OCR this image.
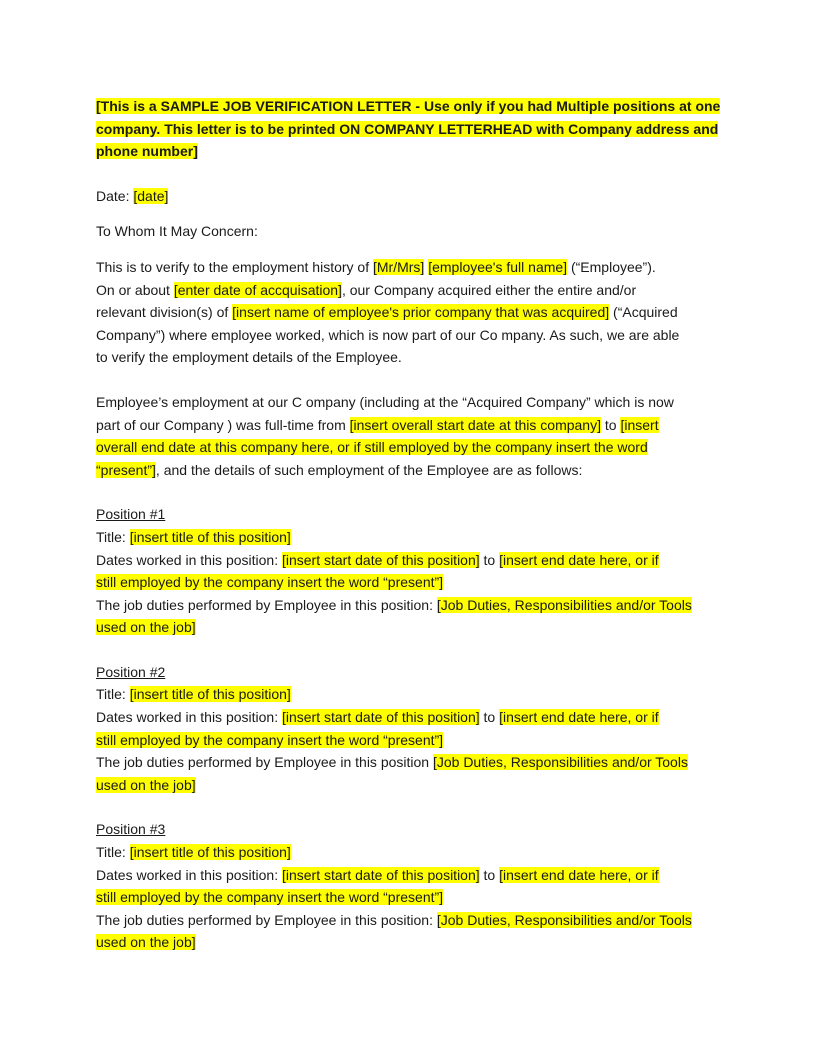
[This is a SAMPLE JOB VERIFICATION LETTER - Use only if you had Multiple positions at one
company. This letter is to be printed ON COMPANY LETTERHEAD with Company address and
phone number]

Date: [date]

To Whom It May Concern:

This is to verify to the employment history of [Mr/Mrs] [employee's full name] (“Employee”).
On or about [enter date of accquisation], our Company acquired either the entire and/or
relevant division(s) of [insert name of employee's prior company that was acquired] (“Acquired
Company”) where employee worked, which is now part of our Co mpany. As such, we are able
to verify the employment details of the Employee.

Employee’s employment at our C ompany (including at the “Acquired Company” which is now
part of our Company ) was full-time from [insert overall start date at this company] to [insert
overall end date at this company here, or if still employed by the company insert the word
“present”], and the details of such employment of the Employee are as follows:

Position #1
Title: [insert title of this position]
Dates worked in this position: [insert start date of this position] to [insert end date here, or if
still employed by the company insert the word “present”]
The job duties performed by Employee in this position: [Job Duties, Responsibilities and/or Tools
used on the job]
Position #2
Title: [insert title of this position]
Dates worked in this position: [insert start date of this position] to [insert end date here, or if
still employed by the company insert the word “present”]
The job duties performed by Employee in this position [Job Duties, Responsibilities and/or Tools
used on the job]
Position #3
Title: [insert title of this position]
Dates worked in this position: [insert start date of this position] to [insert end date here, or if
still employed by the company insert the word “present”]
The job duties performed by Employee in this position: [Job Duties, Responsibilities and/or Tools
used on the job]
